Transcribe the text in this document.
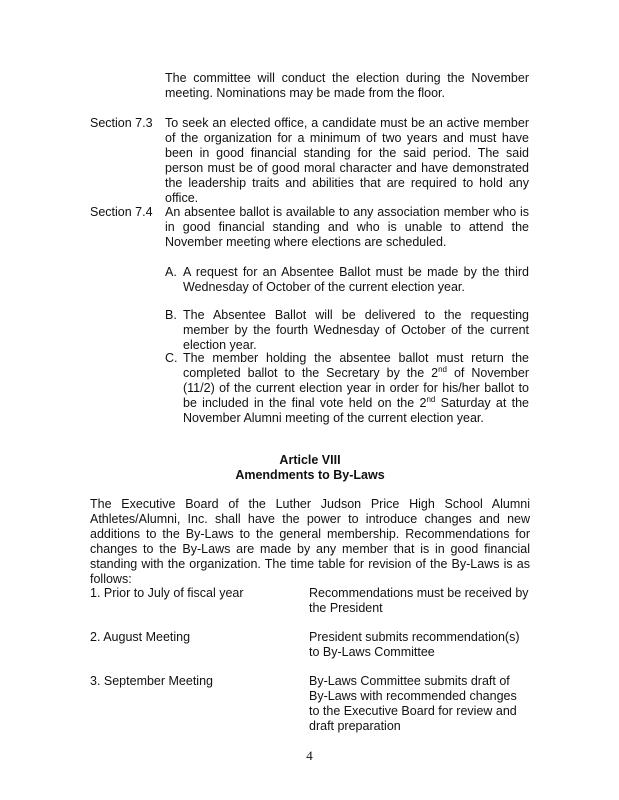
The committee will conduct the election during the November meeting. Nominations may be made from the floor.
Section 7.3 To seek an elected office, a candidate must be an active member of the organization for a minimum of two years and must have been in good financial standing for the said period. The said person must be of good moral character and have demonstrated the leadership traits and abilities that are required to hold any office.
Section 7.4 An absentee ballot is available to any association member who is in good financial standing and who is unable to attend the November meeting where elections are scheduled.
A. A request for an Absentee Ballot must be made by the third Wednesday of October of the current election year.
B. The Absentee Ballot will be delivered to the requesting member by the fourth Wednesday of October of the current election year.
C. The member holding the absentee ballot must return the completed ballot to the Secretary by the 2nd of November (11/2) of the current election year in order for his/her ballot to be included in the final vote held on the 2nd Saturday at the November Alumni meeting of the current election year.
Article VIII
Amendments to By-Laws
The Executive Board of the Luther Judson Price High School Alumni Athletes/Alumni, Inc. shall have the power to introduce changes and new additions to the By-Laws to the general membership. Recommendations for changes to the By-Laws are made by any member that is in good financial standing with the organization. The time table for revision of the By-Laws is as follows:
1. Prior to July of fiscal year	Recommendations must be received by the President
2. August Meeting	President submits recommendation(s) to By-Laws Committee
3. September Meeting	By-Laws Committee submits draft of By-Laws with recommended changes to the Executive Board for review and draft preparation
4
